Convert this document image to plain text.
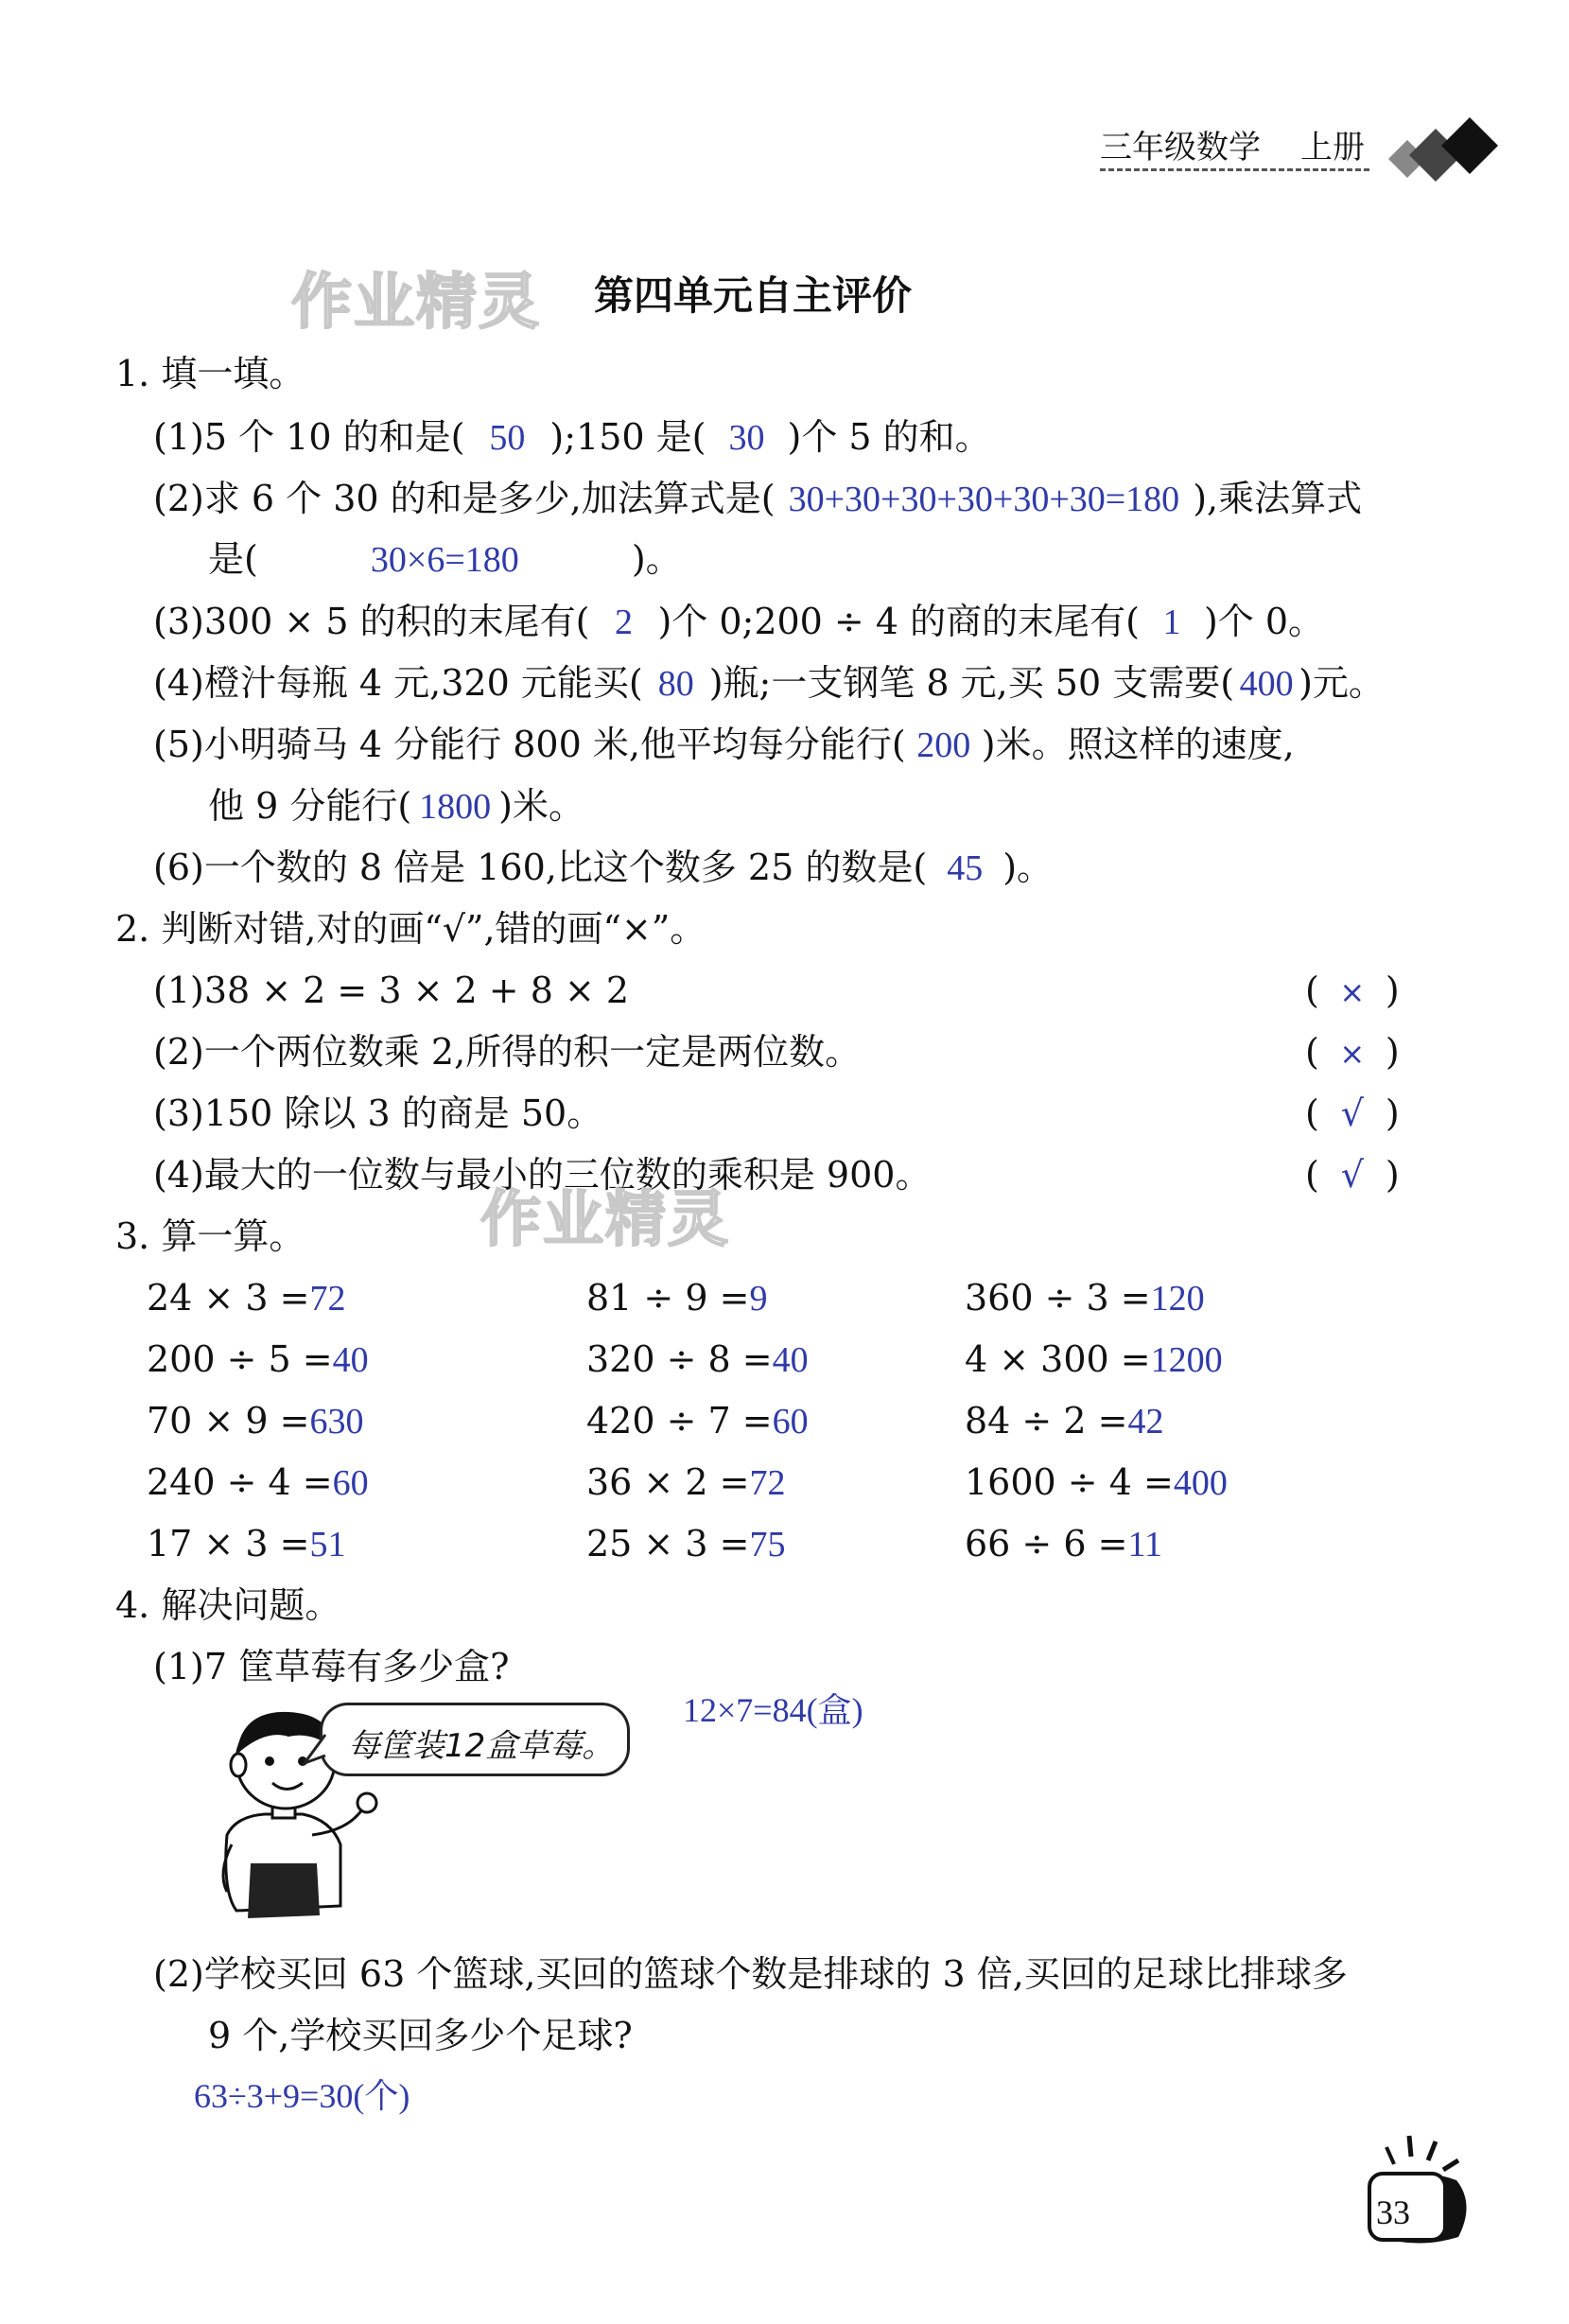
三年级数学 上册
作业精灵 第四单元自主评价
1. 填一填。
(1)5 个 10 的和是( 50 );150 是( 30 )个 5 的和。
(2)求 6 个 30 的和是多少,加法算式是( 30+30+30+30+30+30=180 ),乘法算式
是(	30×6=180	)。
(3)300 × 5 的积的末尾有( 2 )个 0;200 ÷ 4 的商的末尾有( 1 )个 0。
(4)橙汁每瓶 4 元,320 元能买( 80 )瓶;一支钢笔 8 元,买 50 支需要( 400 )元。
(5)小明骑马 4 分能行 800 米,他平均每分能行( 200 )米。照这样的速度,
他 9 分能行( 1800 )米。
(6)一个数的 8 倍是 160,比这个数多 25 的数是( 45 )。
2. 判断对错,对的画“√”,错的画“×”。
(1)38 × 2 = 3 × 2 + 8 × 2	( × )
(2)一个两位数乘 2,所得的积一定是两位数。	( × )
(3)150 除以 3 的商是 50。	( √ )
(4)最大的一位数与最小的三位数的乘积是 900。	( √ )
作业精灵
3. 算一算。
24 × 3 =72	81 ÷ 9 =9	360 ÷ 3 =120
200 ÷ 5 =40	320 ÷ 8 =40	4 × 300 =1200
70 × 9 =630	420 ÷ 7 =60	84 ÷ 2 =42
240 ÷ 4 =60	36 × 2 =72	1600 ÷ 4 =400
17 × 3 =51	25 × 3 =75	66 ÷ 6 =11
4. 解决问题。
(1)7 筐草莓有多少盒?
每筐装12盒草莓。
12×7=84(盒)
(2)学校买回 63 个篮球,买回的篮球个数是排球的 3 倍,买回的足球比排球多
9 个,学校买回多少个足球?
63÷3+9=30(个)
33
